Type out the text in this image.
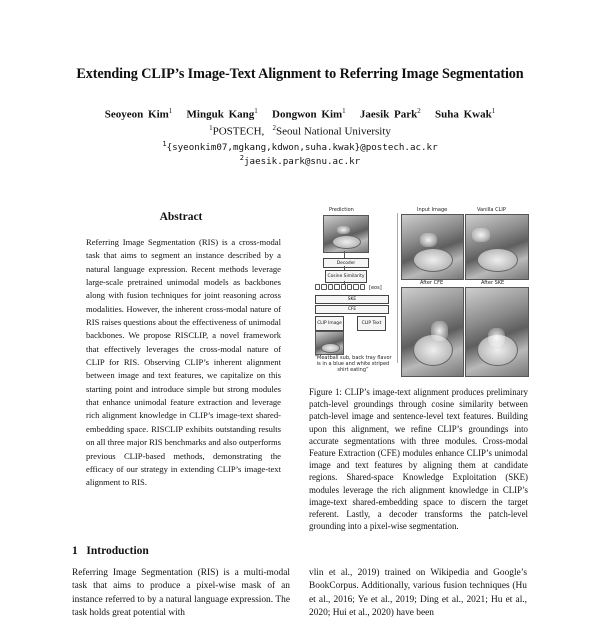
Extending CLIP’s Image-Text Alignment to Referring Image Segmentation
Seoyeon Kim$^1$ Minguk Kang$^1$ Dongwon Kim$^1$ Jaesik Park$^2$ Suha Kwak$^1$
$^1$POSTECH, $^2$Seoul National University
$^1${syeonkim07,mgkang,kdwon,suha.kwak}@postech.ac.kr
$^2$jaesik.park@snu.ac.kr
Abstract
Referring Image Segmentation (RIS) is a cross-modal task that aims to segment an instance described by a natural language expression. Recent methods leverage large-scale pretrained unimodal models as backbones along with fusion techniques for joint reasoning across modalities. However, the inherent cross-modal nature of RIS raises questions about the effectiveness of unimodal backbones. We propose RISCLIP, a novel framework that effectively leverages the cross-modal nature of CLIP for RIS. Observing CLIP’s inherent alignment between image and text features, we capitalize on this starting point and introduce simple but strong modules that enhance unimodal feature extraction and leverage rich alignment knowledge in CLIP’s image-text shared-embedding space. RISCLIP exhibits outstanding results on all three major RIS benchmarks and also outperforms previous CLIP-based methods, demonstrating the efficacy of our strategy in extending CLIP’s image-text alignment to RIS.
1 Introduction
Referring Image Segmentation (RIS) is a multi-modal task that aims to produce a pixel-wise mask of an instance referred to by a natural language expression. The task holds great potential with
vlin et al., 2019) trained on Wikipedia and Google’s BookCorpus. Additionally, various fusion techniques (Hu et al., 2016; Ye et al., 2019; Ding et al., 2021; Hu et al., 2020; Hui et al., 2020) have been
Prediction
Decoder
Cosine Similarity
[eos]
SKE
CFE
CLIP Image	CLIP Text
“Meatball sub, back tray flavor is in a blue and white striped shirt eating”
Input Image	Vanilla CLIP
After CFE	After SKE
Figure 1: CLIP’s image-text alignment produces preliminary patch-level groundings through cosine similarity between patch-level image and sentence-level text features. Building upon this alignment, we refine CLIP’s groundings into accurate segmentations with three modules. Cross-modal Feature Extraction (CFE) modules enhance CLIP’s unimodal image and text features by aligning them at candidate regions. Shared-space Knowledge Exploitation (SKE) modules leverage the rich alignment knowledge in CLIP’s image-text shared-embedding space to discern the target referent. Lastly, a decoder transforms the patch-level grounding into a pixel-wise segmentation.
